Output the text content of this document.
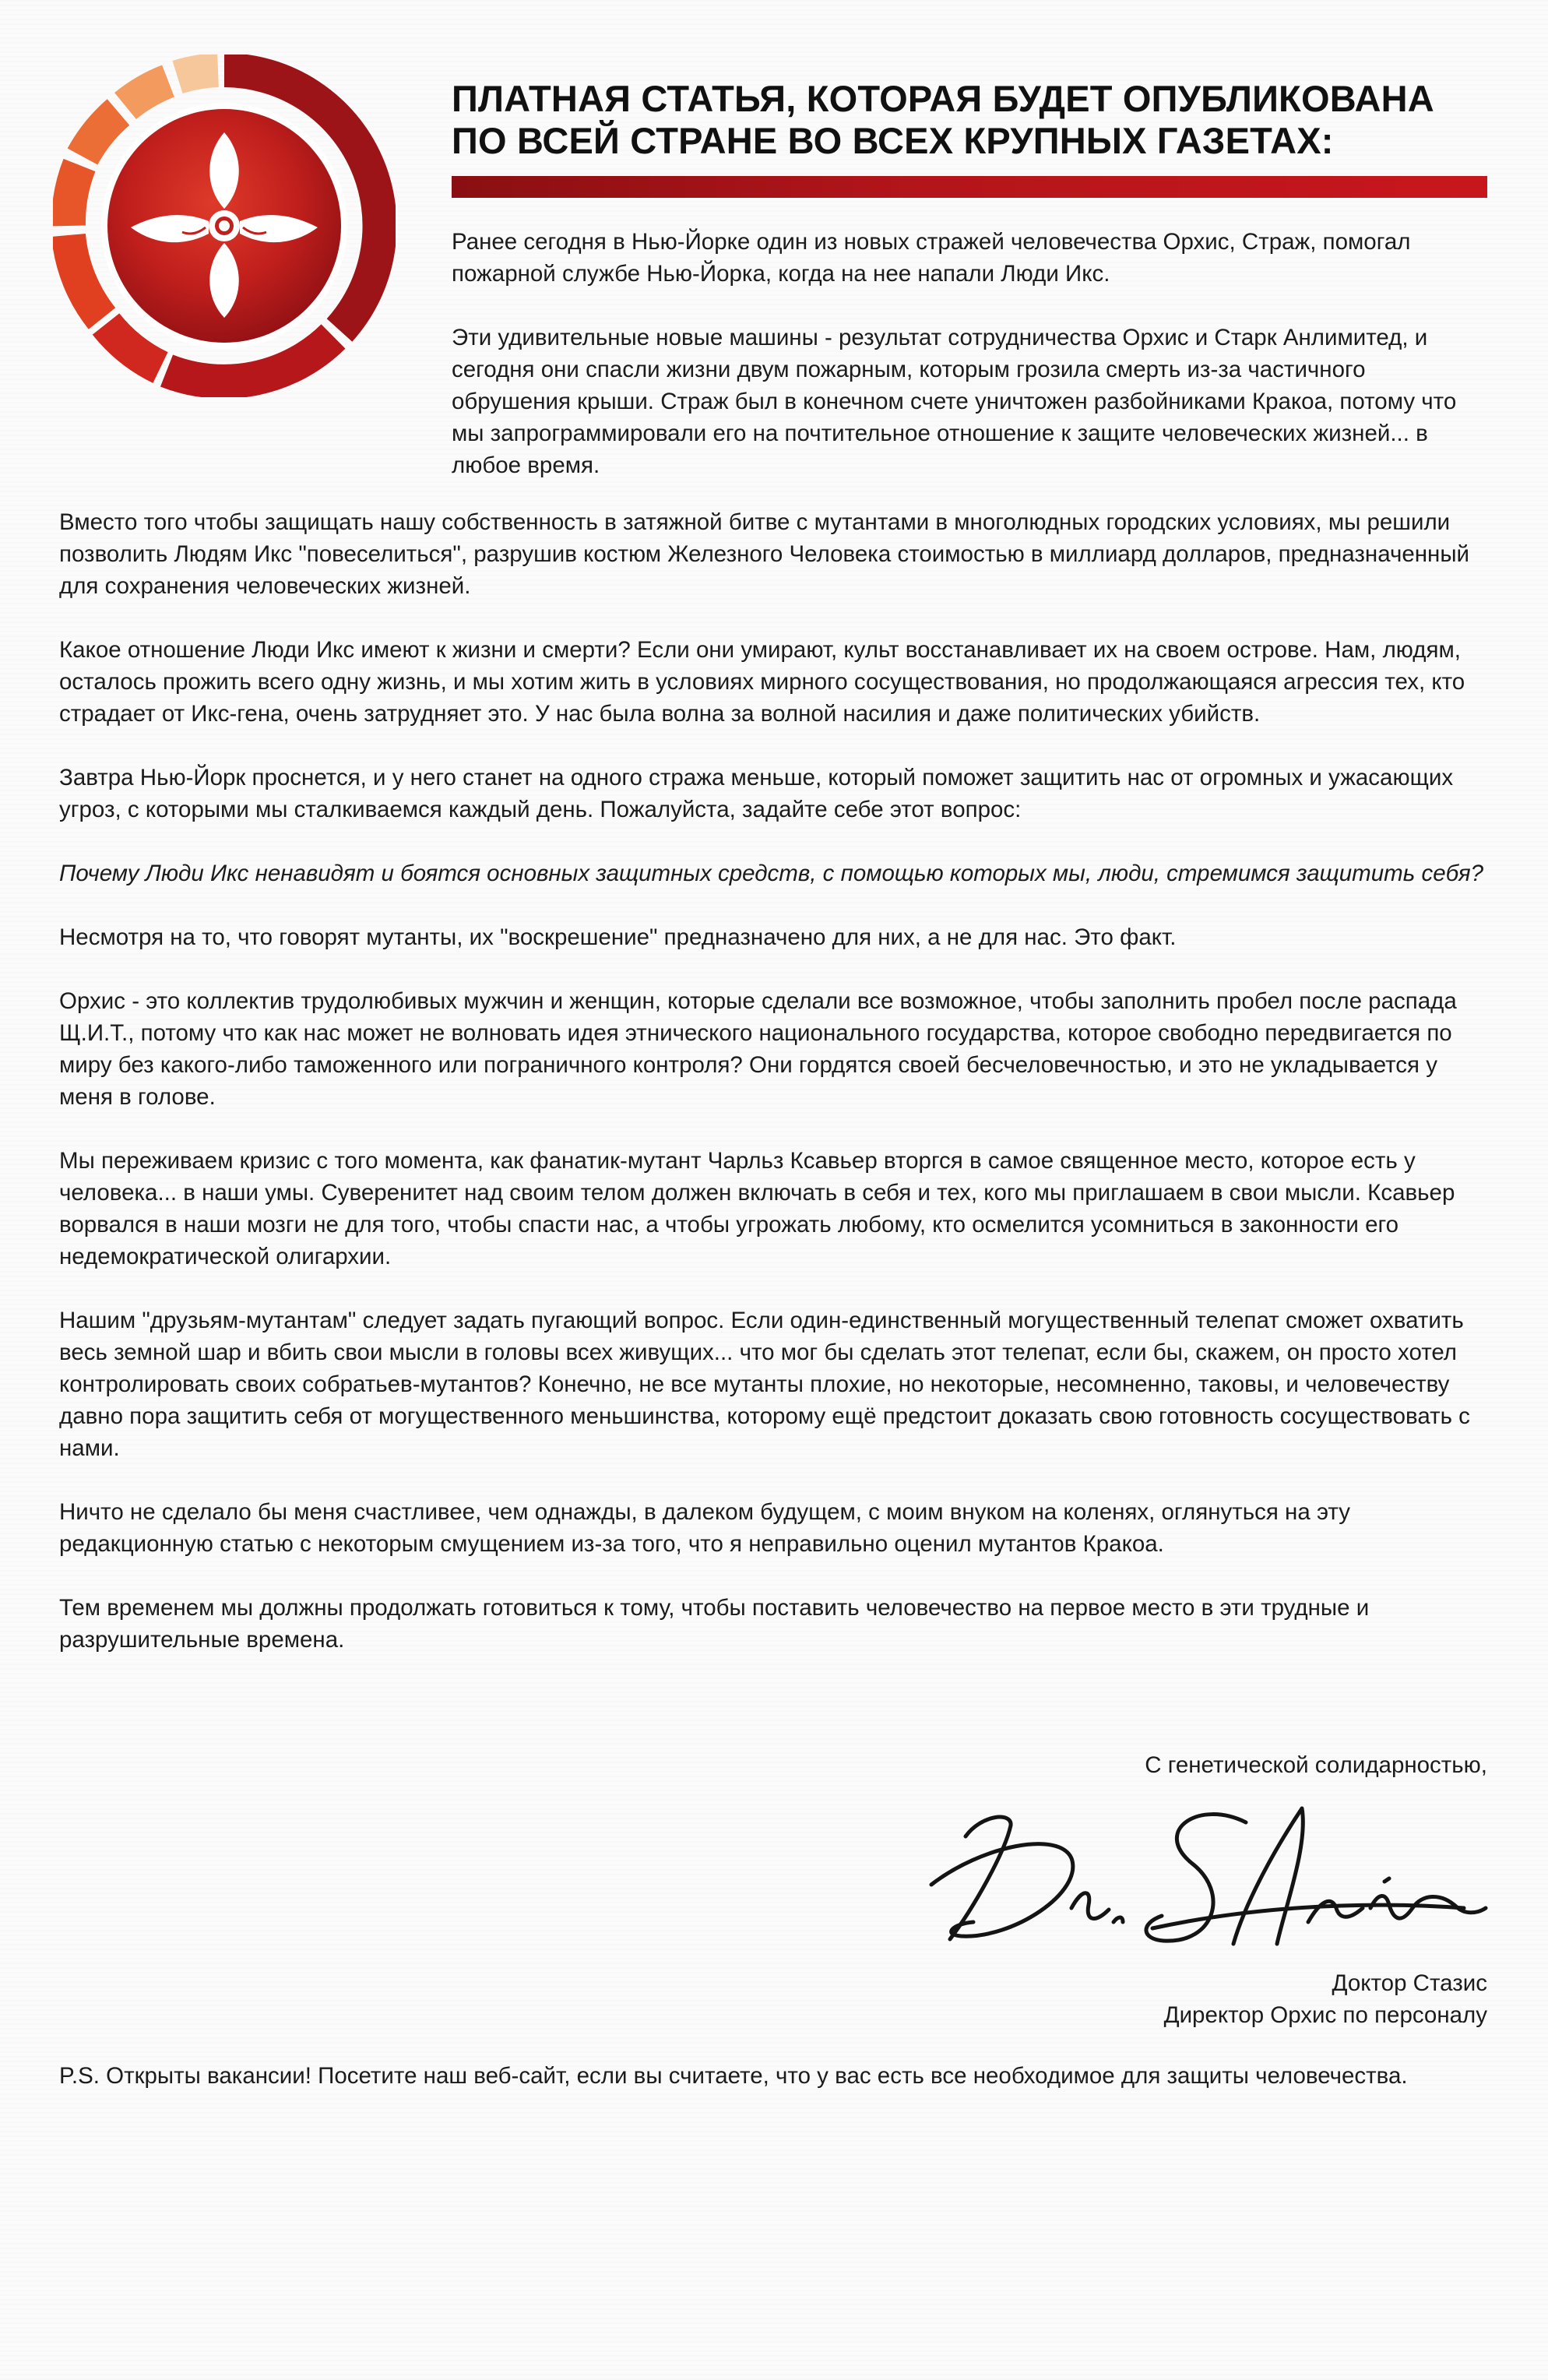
ПЛАТНАЯ СТАТЬЯ, КОТОРАЯ БУДЕТ ОПУБЛИКОВАНА
ПО ВСЕЙ СТРАНЕ ВО ВСЕХ КРУПНЫХ ГАЗЕТАХ:

Ранее сегодня в Нью-Йорке один из новых стражей человечества Орхис, Страж, помогал пожарной службе Нью-Йорка, когда на нее напали Люди Икс.

Эти удивительные новые машины - результат сотрудничества Орхис и Старк Анлимитед, и сегодня они спасли жизни двум пожарным, которым грозила смерть из-за частичного обрушения крыши. Страж был в конечном счете уничтожен разбойниками Кракоа, потому что мы запрограммировали его на почтительное отношение к защите человеческих жизней... в любое время.

Вместо того чтобы защищать нашу собственность в затяжной битве с мутантами в многолюдных городских условиях, мы решили позволить Людям Икс "повеселиться", разрушив костюм Железного Человека стоимостью в миллиард долларов, предназначенный для сохранения человеческих жизней.

Какое отношение Люди Икс имеют к жизни и смерти? Если они умирают, культ восстанавливает их на своем острове. Нам, людям, осталось прожить всего одну жизнь, и мы хотим жить в условиях мирного сосуществования, но продолжающаяся агрессия тех, кто страдает от Икс-гена, очень затрудняет это. У нас была волна за волной насилия и даже политических убийств.

Завтра Нью-Йорк проснется, и у него станет на одного стража меньше, который поможет защитить нас от огромных и ужасающих угроз, с которыми мы сталкиваемся каждый день. Пожалуйста, задайте себе этот вопрос:

Почему Люди Икс ненавидят и боятся основных защитных средств, с помощью которых мы, люди, стремимся защитить себя?

Несмотря на то, что говорят мутанты, их "воскрешение" предназначено для них, а не для нас. Это факт.

Орхис - это коллектив трудолюбивых мужчин и женщин, которые сделали все возможное, чтобы заполнить пробел после распада Щ.И.Т., потому что как нас может не волновать идея этнического национального государства, которое свободно передвигается по миру без какого-либо таможенного или пограничного контроля? Они гордятся своей бесчеловечностью, и это не укладывается у меня в голове.

Мы переживаем кризис с того момента, как фанатик-мутант Чарльз Ксавьер вторгся в самое священное место, которое есть у человека... в наши умы. Суверенитет над своим телом должен включать в себя и тех, кого мы приглашаем в свои мысли. Ксавьер ворвался в наши мозги не для того, чтобы спасти нас, а чтобы угрожать любому, кто осмелится усомниться в законности его недемократической олигархии.

Нашим "друзьям-мутантам" следует задать пугающий вопрос. Если один-единственный могущественный телепат сможет охватить весь земной шар и вбить свои мысли в головы всех живущих... что мог бы сделать этот телепат, если бы, скажем, он просто хотел контролировать своих собратьев-мутантов? Конечно, не все мутанты плохие, но некоторые, несомненно, таковы, и человечеству давно пора защитить себя от могущественного меньшинства, которому ещё предстоит доказать свою готовность сосуществовать с нами.

Ничто не сделало бы меня счастливее, чем однажды, в далеком будущем, с моим внуком на коленях, оглянуться на эту редакционную статью с некоторым смущением из-за того, что я неправильно оценил мутантов Кракоа.

Тем временем мы должны продолжать готовиться к тому, чтобы поставить человечество на первое место в эти трудные и разрушительные времена.

С генетической солидарностью,
Доктор Стазис
Директор Орхис по персоналу

P.S. Открыты вакансии! Посетите наш веб-сайт, если вы считаете, что у вас есть все необходимое для защиты человечества.
